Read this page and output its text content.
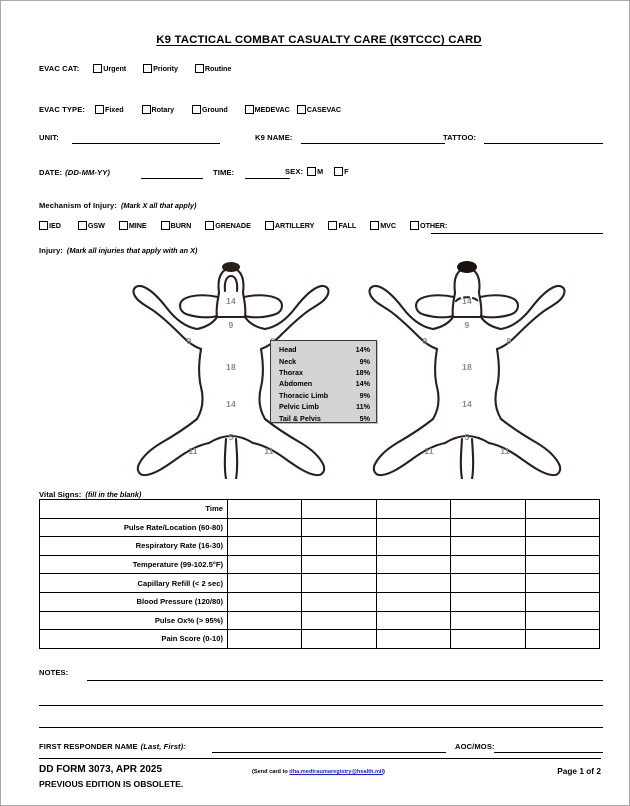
K9 TACTICAL COMBAT CASUALTY CARE (K9TCCC) CARD
EVAC CAT:	Urgent	Priority	Routine
EVAC TYPE:	Fixed	Rotary	Ground	MEDEVAC CASEVAC
UNIT:	K9 NAME:	TATTOO:
DATE: (DD-MM-YY)	TIME:	SEX: M	F
Mechanism of Injury: (Mark X all that apply)
IED	GSW	MINE	BURN	GRENADE	ARTILLERY	FALL	MVC	OTHER:
Injury: (Mark all injuries that apply with an X)
14
9
9
18
14
5
11	11
14
9
9	9
18
14
5
11	11
Head	14%
Neck	9%
Thorax	18%
Abdomen	14%
Thoracic Limb	9%
Pelvic Limb	11%
Tail & Pelvis	5%
Vital Signs: (fill in the blank)
Time					
Pulse Rate/Location (60-80)					
Respiratory Rate (16-30)					
Temperature (99-102.5°F)					
Capillary Refill (< 2 sec)					
Blood Pressure (120/80)					
Pulse Ox% (> 95%)					
Pain Score (0-10)					
NOTES:
FIRST RESPONDER NAME (Last, First):	AOC/MOS:
DD FORM 3073, APR 2025
PREVIOUS EDITION IS OBSOLETE.
(Send card to dha.medtraumaregistry@health.mil)	Page 1 of 2
